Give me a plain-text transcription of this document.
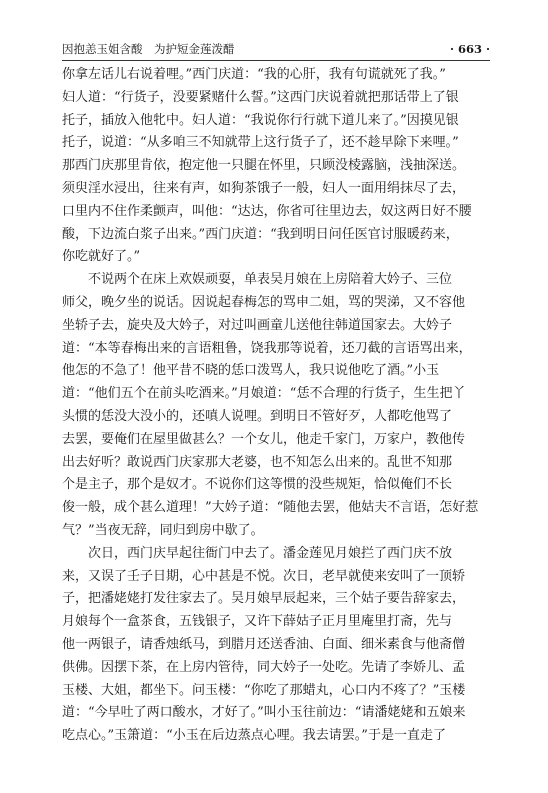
因抱恙玉姐含酸　为护短金莲泼醋	· 663 ·
你拿左话儿右说着哩。”西门庆道：“我的心肝，我有句谎就死了我。”
妇人道：“行货子，没要紧赌什么誓。”这西门庆说着就把那话带上了银
托子，插放入他牝中。妇人道：“我说你行行就下道儿来了。”因摸见银
托子，说道：“从多咱三不知就带上这行货子了，还不趁早除下来哩。”
那西门庆那里肯依，抱定他一只腿在怀里，只顾没棱露脑，浅抽深送。
须臾淫水浸出，往来有声，如狗茶饿子一般，妇人一面用绢抹尽了去，
口里内不住作柔颤声，叫他：“达达，你省可往里边去，奴这两日好不腰
酸，下边流白浆子出来。”西门庆道：“我到明日问任医官讨服暖药来，
你吃就好了。”
不说两个在床上欢娱顽耍，单表吴月娘在上房陪着大妗子、三位
师父，晚夕坐的说话。因说起春梅怎的骂申二姐，骂的哭涕，又不容他
坐轿子去，旋央及大妗子，对过叫画童儿送他往韩道国家去。大妗子
道：“本等春梅出来的言语粗鲁，饶我那等说着，还刀截的言语骂出来，
他怎的不急了！他平昔不晓的恁口泼骂人，我只说他吃了酒。”小玉
道：“他们五个在前头吃酒来。”月娘道：“恁不合理的行货子，生生把丫
头惯的恁没大没小的，还嗔人说哩。到明日不管好歹，人都吃他骂了
去罢，要俺们在屋里做甚么？一个女儿，他走千家门，万家户，教他传
出去好听？敢说西门庆家那大老婆，也不知怎么出来的。乱世不知那
个是主子，那个是奴才。不说你们这等惯的没些规矩，恰似俺们不长
俊一般，成个甚么道理！”大妗子道：“随他去罢，他姑夫不言语，怎好惹
气？”当夜无辞，同归到房中歇了。
次日，西门庆早起往衙门中去了。潘金莲见月娘拦了西门庆不放
来，又误了壬子日期，心中甚是不悦。次日，老早就使来安叫了一顶轿
子，把潘姥姥打发往家去了。吴月娘早辰起来，三个姑子要告辞家去，
月娘每个一盒茶食，五钱银子，又许下薛姑子正月里庵里打斋，先与
他一两银子，请香烛纸马，到腊月还送香油、白面、细米素食与他斋僧
供佛。因摆下茶，在上房内管待，同大妗子一处吃。先请了李娇儿、孟
玉楼、大姐，都坐下。问玉楼：“你吃了那蜡丸，心口内不疼了？”玉楼
道：“今早吐了两口酸水，才好了。”叫小玉往前边：“请潘姥姥和五娘来
吃点心。”玉箫道：“小玉在后边蒸点心哩。我去请罢。”于是一直走了
